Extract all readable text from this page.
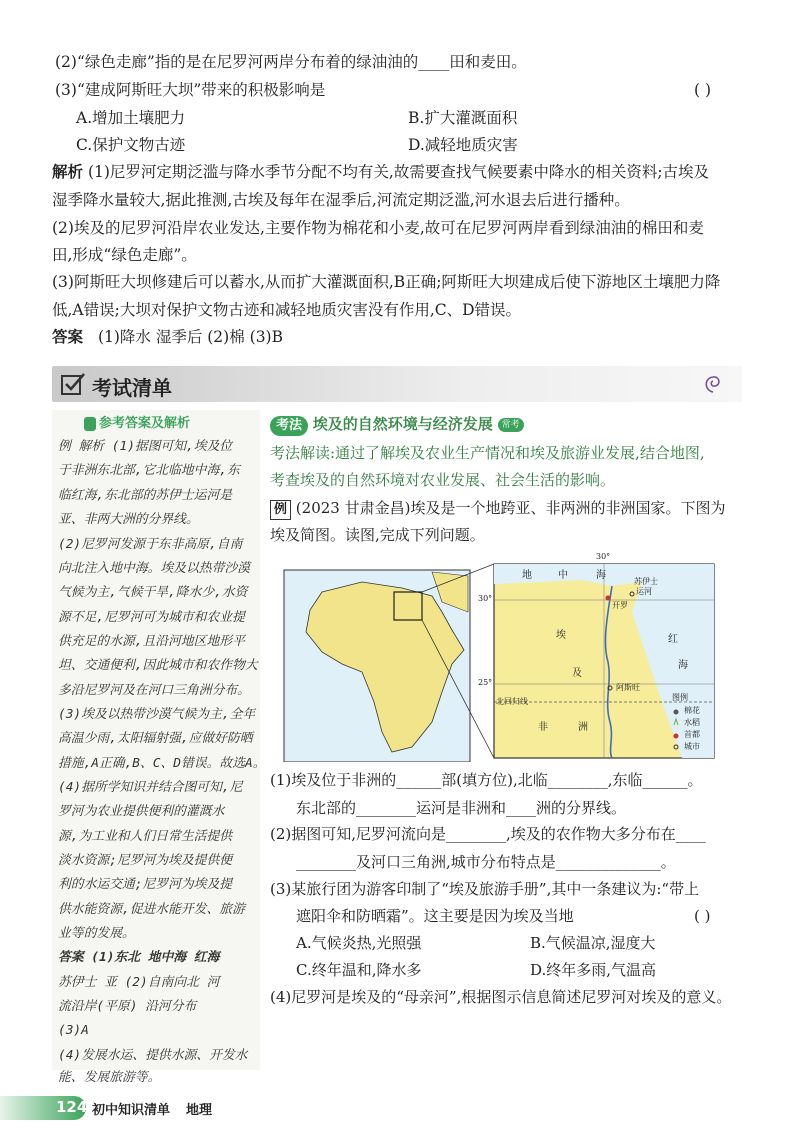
(2)“绿色走廊”指的是在尼罗河两岸分布着的绿油油的____田和麦田。
(3)“建成阿斯旺大坝”带来的积极影响是	( )
A.增加土壤肥力	B.扩大灌溉面积
C.保护文物古迹	D.减轻地质灾害
解析 (1)尼罗河定期泛滥与降水季节分配不均有关,故需要查找气候要素中降水的相关资料;古埃及
湿季降水量较大,据此推测,古埃及每年在湿季后,河流定期泛滥,河水退去后进行播种。
(2)埃及的尼罗河沿岸农业发达,主要作物为棉花和小麦,故可在尼罗河两岸看到绿油油的棉田和麦
田,形成“绿色走廊”。
(3)阿斯旺大坝修建后可以蓄水,从而扩大灌溉面积,B正确;阿斯旺大坝建成后使下游地区土壤肥力降
低,A错误;大坝对保护文物古迹和减轻地质灾害没有作用,C、D错误。
答案 (1)降水 湿季后 (2)棉 (3)B
考试清单
参考答案及解析
例 解析 (1)据图可知,埃及位
于非洲东北部,它北临地中海,东
临红海,东北部的苏伊士运河是
亚、非两大洲的分界线。
(2)尼罗河发源于东非高原,自南
向北注入地中海。埃及以热带沙漠
气候为主,气候干旱,降水少,水资
源不足,尼罗河可为城市和农业提
供充足的水源,且沿河地区地形平
坦、交通便利,因此城市和农作物大
多沿尼罗河及在河口三角洲分布。
(3)埃及以热带沙漠气候为主,全年
高温少雨,太阳辐射强,应做好防晒
措施,A正确,B、C、D错误。故选A。
(4)据所学知识并结合图可知,尼
罗河为农业提供便利的灌溉水
源,为工业和人们日常生活提供
淡水资源;尼罗河为埃及提供便
利的水运交通;尼罗河为埃及提
供水能资源,促进水能开发、旅游
业等的发展。
答案 (1)东北 地中海 红海
苏伊士 亚 (2)自南向北 河
流沿岸(平原) 沿河分布
(3)A
(4)发展水运、提供水源、开发水
能、发展旅游等。
考法 埃及的自然环境与经济发展 常考
考法解读:通过了解埃及农业生产情况和埃及旅游业发展,结合地图,
考查埃及的自然环境对农业发展、社会生活的影响。
例 (2023 甘肃金昌)埃及是一个地跨亚、非两洲的非洲国家。下图为
埃及简图。读图,完成下列问题。
30°
30°
25°
北回归线
地	中	海
开罗
苏伊士
运河
埃
及
红
海
非	洲
阿斯旺
图例
棉花
水稻
首都
城市
(1)埃及位于非洲的______部(填方位),北临________,东临______。
东北部的________运河是非洲和____洲的分界线。
(2)据图可知,尼罗河流向是________,埃及的农作物大多分布在____
________及河口三角洲,城市分布特点是______________。
(3)某旅行团为游客印制了“埃及旅游手册”,其中一条建议为:“带上
遮阳伞和防晒霜”。这主要是因为埃及当地	( )
A.气候炎热,光照强	B.气候温凉,湿度大
C.终年温和,降水多	D.终年多雨,气温高
(4)尼罗河是埃及的“母亲河”,根据图示信息简述尼罗河对埃及的意义。
124 初中知识清单 地理
